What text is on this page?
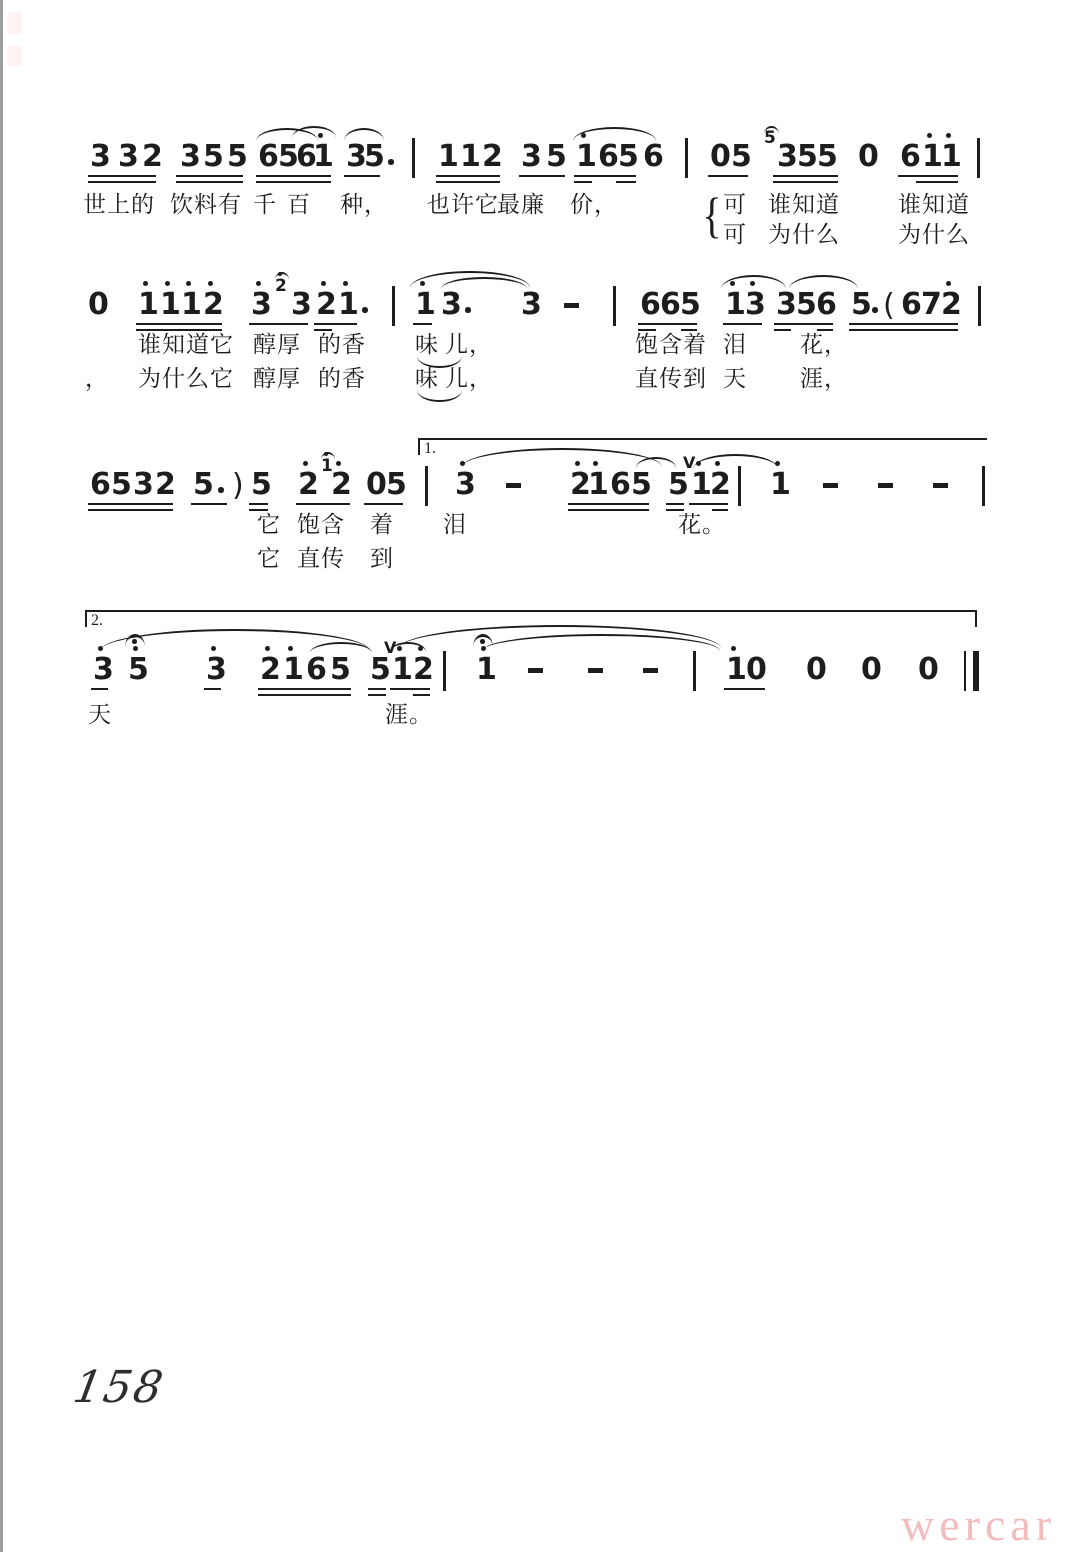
3 3 2 3 5 5 6 5
6
1 3
5 1 1 2 3 5 1 6 5 6 0 5
5
3 5 5 0 6 1
1
{
世上的 饮料有 千 百 种， 也许它
最廉 价，	可 谁知道	谁知道
可 为什么	为什么
0 1 1 1 2 3
2
3 2 1 1 3 3	6 6 5 1 3 3 5 6 5 ( 6 7 2
谁知道它 醇厚 的香 味 儿，	饱含着 泪 花，
， 为什么它 醇厚 的香 味 儿，	直传到 天 涯，
1.
6 5 3 2 5 ) 5 2
1
2 0 5 3	2
1 6 5 5
V
1
2 1
它 饱含 着 泪	花。
它 直传 到
2.
3 5 3 2 1 6 5 5
V
1 2 1	1 0 0 0 0
天	涯。
158
wercar
